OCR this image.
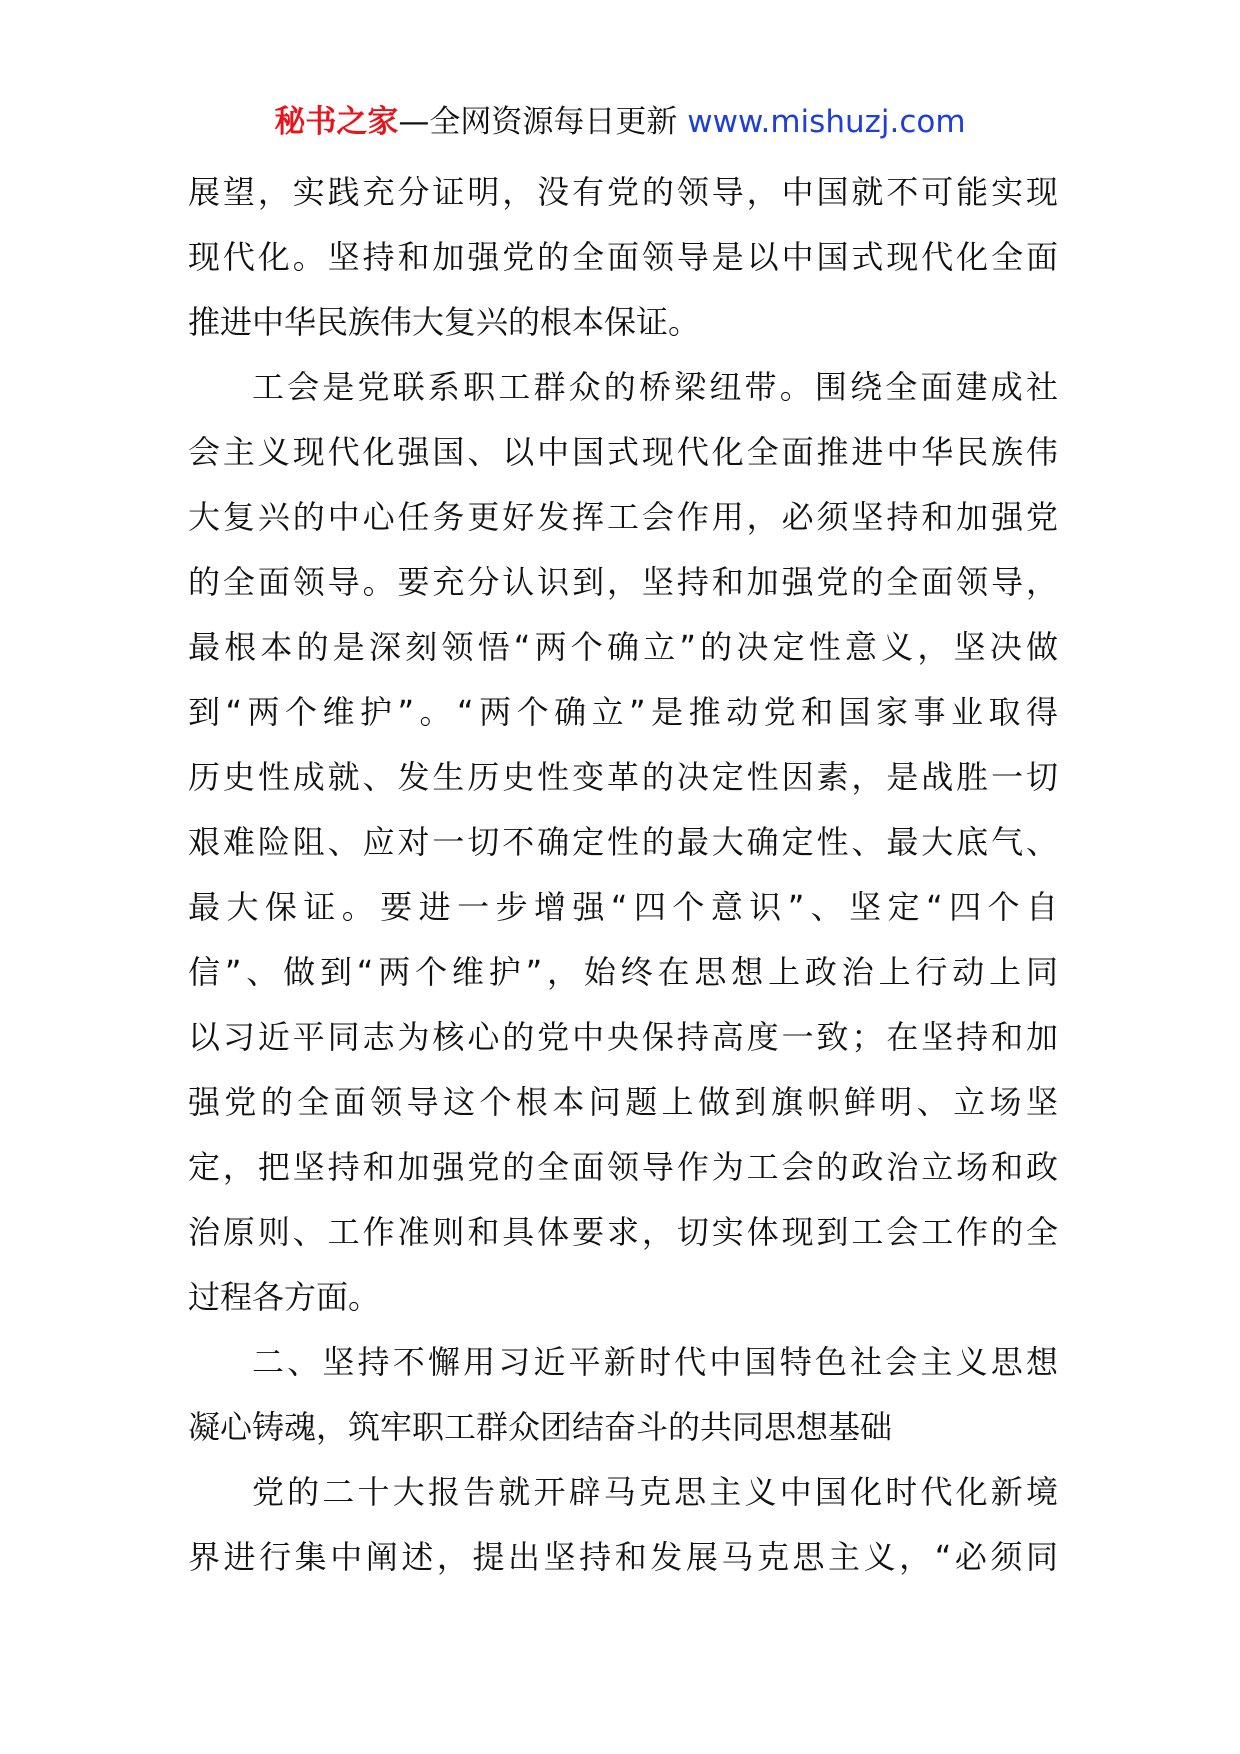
秘书之家—全网资源每日更新 www.mishuzj.com
展望，实践充分证明，没有党的领导，中国就不可能实现
现代化。坚持和加强党的全面领导是以中国式现代化全面
推进中华民族伟大复兴的根本保证。
工会是党联系职工群众的桥梁纽带。围绕全面建成社
会主义现代化强国、以中国式现代化全面推进中华民族伟
大复兴的中心任务更好发挥工会作用，必须坚持和加强党
的全面领导。要充分认识到，坚持和加强党的全面领导，
最根本的是深刻领悟“两个确立”的决定性意义，坚决做
到“两个维护”。“两个确立”是推动党和国家事业取得
历史性成就、发生历史性变革的决定性因素，是战胜一切
艰难险阻、应对一切不确定性的最大确定性、最大底气、
最大保证。要进一步增强“四个意识”、坚定“四个自
信”、做到“两个维护”，始终在思想上政治上行动上同
以习近平同志为核心的党中央保持高度一致；在坚持和加
强党的全面领导这个根本问题上做到旗帜鲜明、立场坚
定，把坚持和加强党的全面领导作为工会的政治立场和政
治原则、工作准则和具体要求，切实体现到工会工作的全
过程各方面。
二、坚持不懈用习近平新时代中国特色社会主义思想
凝心铸魂，筑牢职工群众团结奋斗的共同思想基础
党的二十大报告就开辟马克思主义中国化时代化新境
界进行集中阐述，提出坚持和发展马克思主义，“必须同
